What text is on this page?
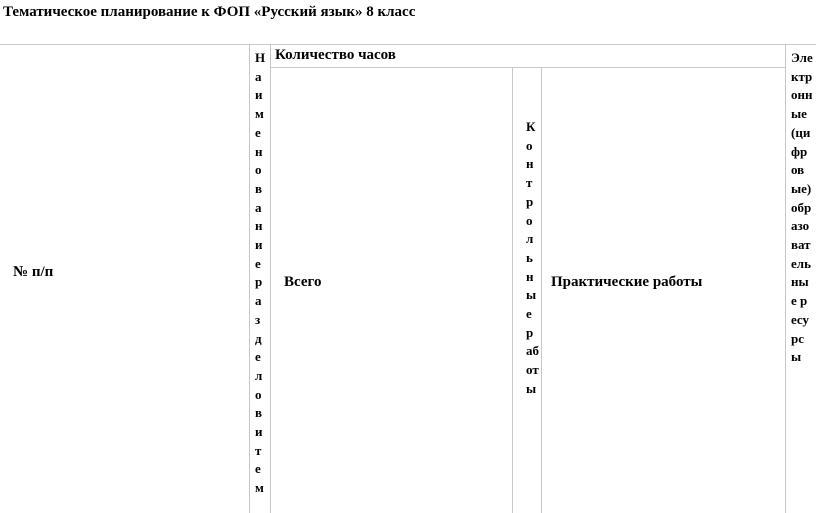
Тематическое планирование к ФОП «Русский язык» 8 класс
№ п/п
Наименование разделов и тем
Количество часов
Всего
Контрольные работы
Практические работы
Электронные (цифровые) образовательные ресурсы
